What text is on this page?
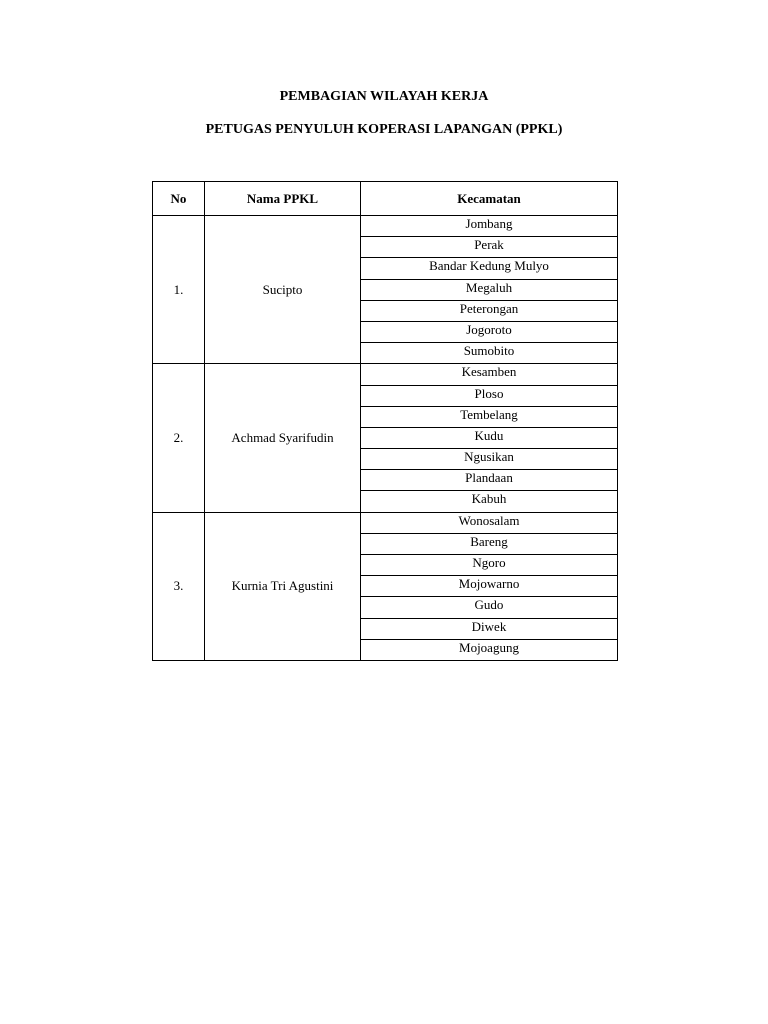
PEMBAGIAN WILAYAH KERJA
PETUGAS PENYULUH KOPERASI LAPANGAN (PPKL)
No	Nama PPKL	Kecamatan
1.	Sucipto	Jombang
		Perak
		Bandar Kedung Mulyo
		Megaluh
		Peterongan
		Jogoroto
		Sumobito
2.	Achmad Syarifudin	Kesamben
		Ploso
		Tembelang
		Kudu
		Ngusikan
		Plandaan
		Kabuh
3.	Kurnia Tri Agustini	Wonosalam
		Bareng
		Ngoro
		Mojowarno
		Gudo
		Diwek
		Mojoagung
